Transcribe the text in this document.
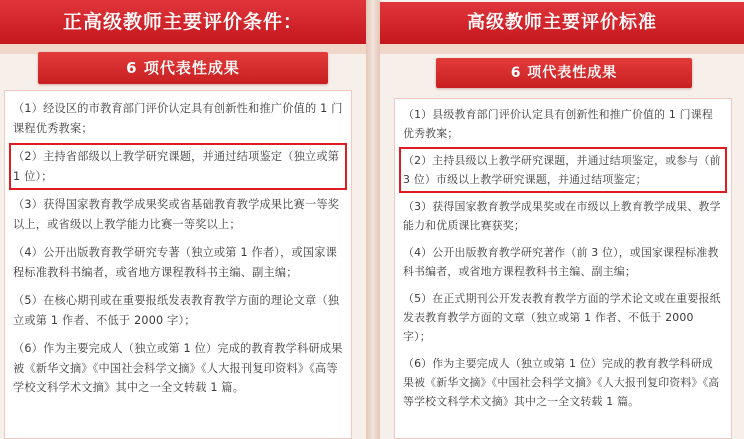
正高级教师主要评价条件：
6 项代表性成果
（1）经设区的市教育部门评价认定具有创新性和推广价值的 1 门课程优秀教案；
（2）主持省部级以上教学研究课题，并通过结项鉴定（独立或第 1 位）；
（3）获得国家教育教学成果奖或省基础教育教学成果比赛一等奖以上，或省级以上教学能力比赛一等奖以上；
（4）公开出版教育教学研究专著（独立或第 1 作者），或国家课程标准教科书编者，或省地方课程教科书主编、副主编；
（5）在核心期刊或在重要报纸发表教育教学方面的理论文章（独立或第 1 作者、不低于 2000 字）；
（6）作为主要完成人（独立或第 1 位）完成的教育教学科研成果被《新华文摘》《中国社会科学文摘》《人大报刊复印资料》《高等学校文科学术文摘》其中之一全文转载 1 篇。
高级教师主要评价标准
6 项代表性成果
（1）县级教育部门评价认定具有创新性和推广价值的 1 门课程优秀教案；
（2）主持县级以上教学研究课题，并通过结项鉴定，或参与（前 3 位）市级以上教学研究课题，并通过结项鉴定；
（3）获得国家教育教学成果奖或在市级以上教育教学成果、教学能力和优质课比赛获奖；
（4）公开出版教育教学研究著作（前 3 位），或国家课程标准教科书编者，或省地方课程教科书主编、副主编；
（5）在正式期刊公开发表教育教学方面的学术论文或在重要报纸发表教育教学方面的文章（独立或第 1 作者、不低于 2000 字）；
（6）作为主要完成人（独立或第 1 位）完成的教育教学科研成果被《新华文摘》《中国社会科学文摘》《人大报刊复印资料》《高等学校文科学术文摘》其中之一全文转载 1 篇。
